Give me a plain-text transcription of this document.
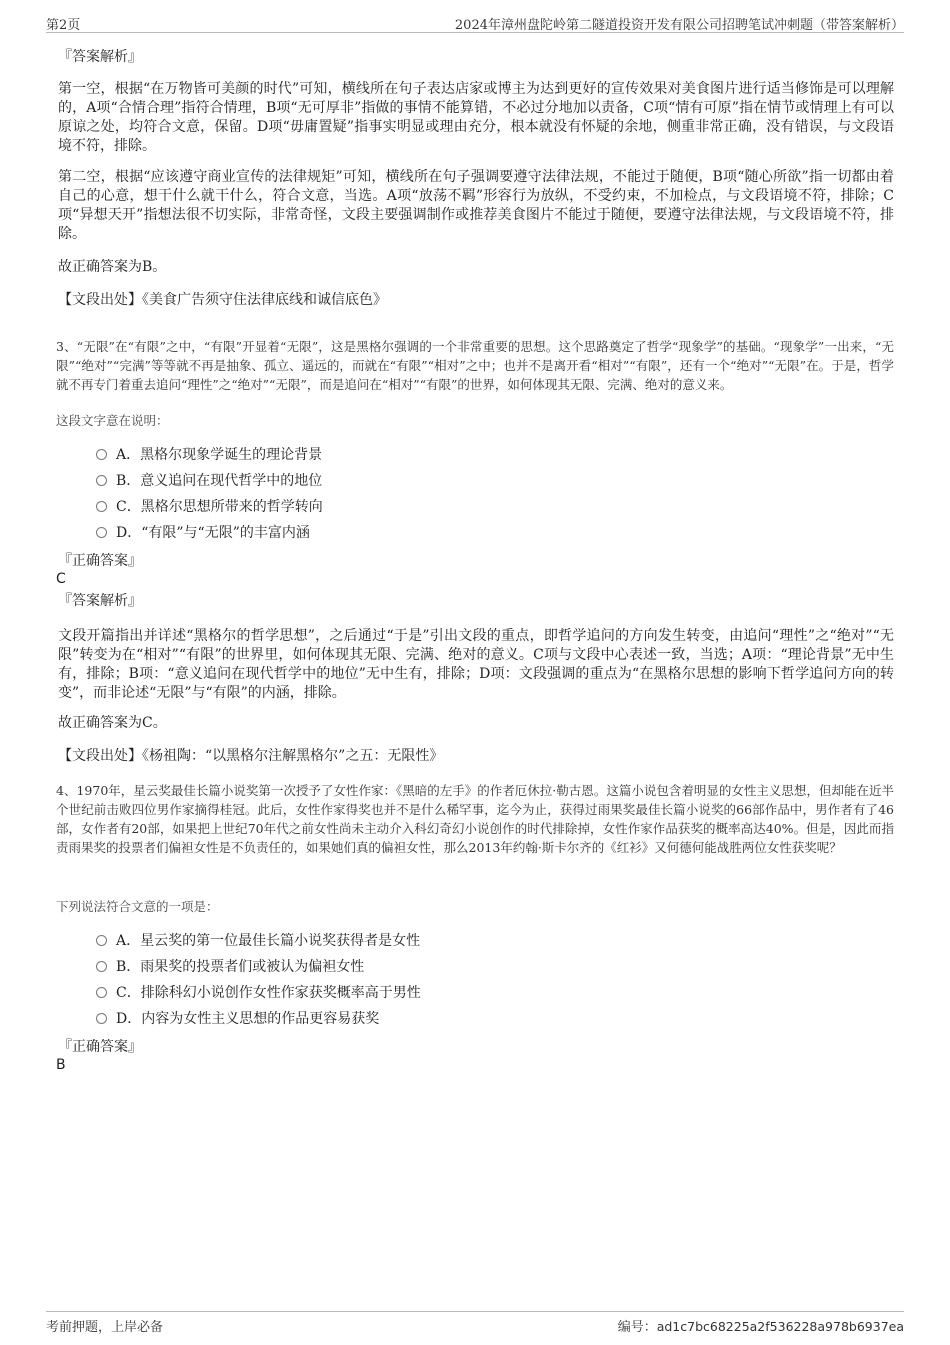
第2页	2024年漳州盘陀岭第二隧道投资开发有限公司招聘笔试冲刺题（带答案解析）
『答案解析』
第一空，根据“在万物皆可美颜的时代”可知，横线所在句子表达店家或博主为达到更好的宣传效果对美食图片进行适当修饰是可以理解的，A项“合情合理”指符合情理，B项“无可厚非”指做的事情不能算错，不必过分地加以责备，C项“情有可原”指在情节或情理上有可以原谅之处，均符合文意，保留。D项“毋庸置疑”指事实明显或理由充分，根本就没有怀疑的余地，侧重非常正确，没有错误，与文段语境不符，排除。
第二空，根据“应该遵守商业宣传的法律规矩”可知，横线所在句子强调要遵守法律法规，不能过于随便，B项“随心所欲”指一切都由着自己的心意，想干什么就干什么，符合文意，当选。A项“放荡不羁”形容行为放纵，不受约束，不加检点，与文段语境不符，排除；C项“异想天开”指想法很不切实际，非常奇怪，文段主要强调制作或推荐美食图片不能过于随便，要遵守法律法规，与文段语境不符，排除。
故正确答案为B。
【文段出处】《美食广告须守住法律底线和诚信底色》
3、“无限”在“有限”之中，“有限”开显着“无限”，这是黑格尔强调的一个非常重要的思想。这个思路奠定了哲学“现象学”的基础。“现象学”一出来，“无限”“绝对”“完满”等等就不再是抽象、孤立、遥远的，而就在“有限”“相对”之中；也并不是离开看“相对”“有限”，还有一个“绝对”“无限”在。于是，哲学就不再专门着重去追问“理性”之“绝对”“无限”，而是追问在“相对”“有限”的世界，如何体现其无限、完满、绝对的意义来。
这段文字意在说明：
A．黑格尔现象学诞生的理论背景
B．意义追问在现代哲学中的地位
C．黑格尔思想所带来的哲学转向
D．“有限”与“无限”的丰富内涵
『正确答案』
C
『答案解析』
文段开篇指出并详述“黑格尔的哲学思想”，之后通过“于是”引出文段的重点，即哲学追问的方向发生转变，由追问“理性”之“绝对”“无限”转变为在“相对”“有限”的世界里，如何体现其无限、完满、绝对的意义。C项与文段中心表述一致，当选；A项：“理论背景”无中生有，排除；B项：“意义追问在现代哲学中的地位”无中生有，排除；D项：文段强调的重点为“在黑格尔思想的影响下哲学追问方向的转变”，而非论述“无限”与“有限”的内涵，排除。
故正确答案为C。
【文段出处】《杨祖陶：“以黑格尔注解黑格尔”之五：无限性》
4、1970年，星云奖最佳长篇小说奖第一次授予了女性作家：《黑暗的左手》的作者厄休拉·勒古恩。这篇小说包含着明显的女性主义思想，但却能在近半个世纪前击败四位男作家摘得桂冠。此后，女性作家得奖也并不是什么稀罕事，迄今为止，获得过雨果奖最佳长篇小说奖的66部作品中，男作者有了46部，女作者有20部，如果把上世纪70年代之前女性尚未主动介入科幻奇幻小说创作的时代排除掉，女性作家作品获奖的概率高达40%。但是，因此而指责雨果奖的投票者们偏袒女性是不负责任的，如果她们真的偏袒女性，那么2013年约翰·斯卡尔齐的《红衫》又何德何能战胜两位女性获奖呢？
下列说法符合文意的一项是：
A．星云奖的第一位最佳长篇小说奖获得者是女性
B．雨果奖的投票者们或被认为偏袒女性
C．排除科幻小说创作女性作家获奖概率高于男性
D．内容为女性主义思想的作品更容易获奖
『正确答案』
B
考前押题，上岸必备	编号：ad1c7bc68225a2f536228a978b6937ea
